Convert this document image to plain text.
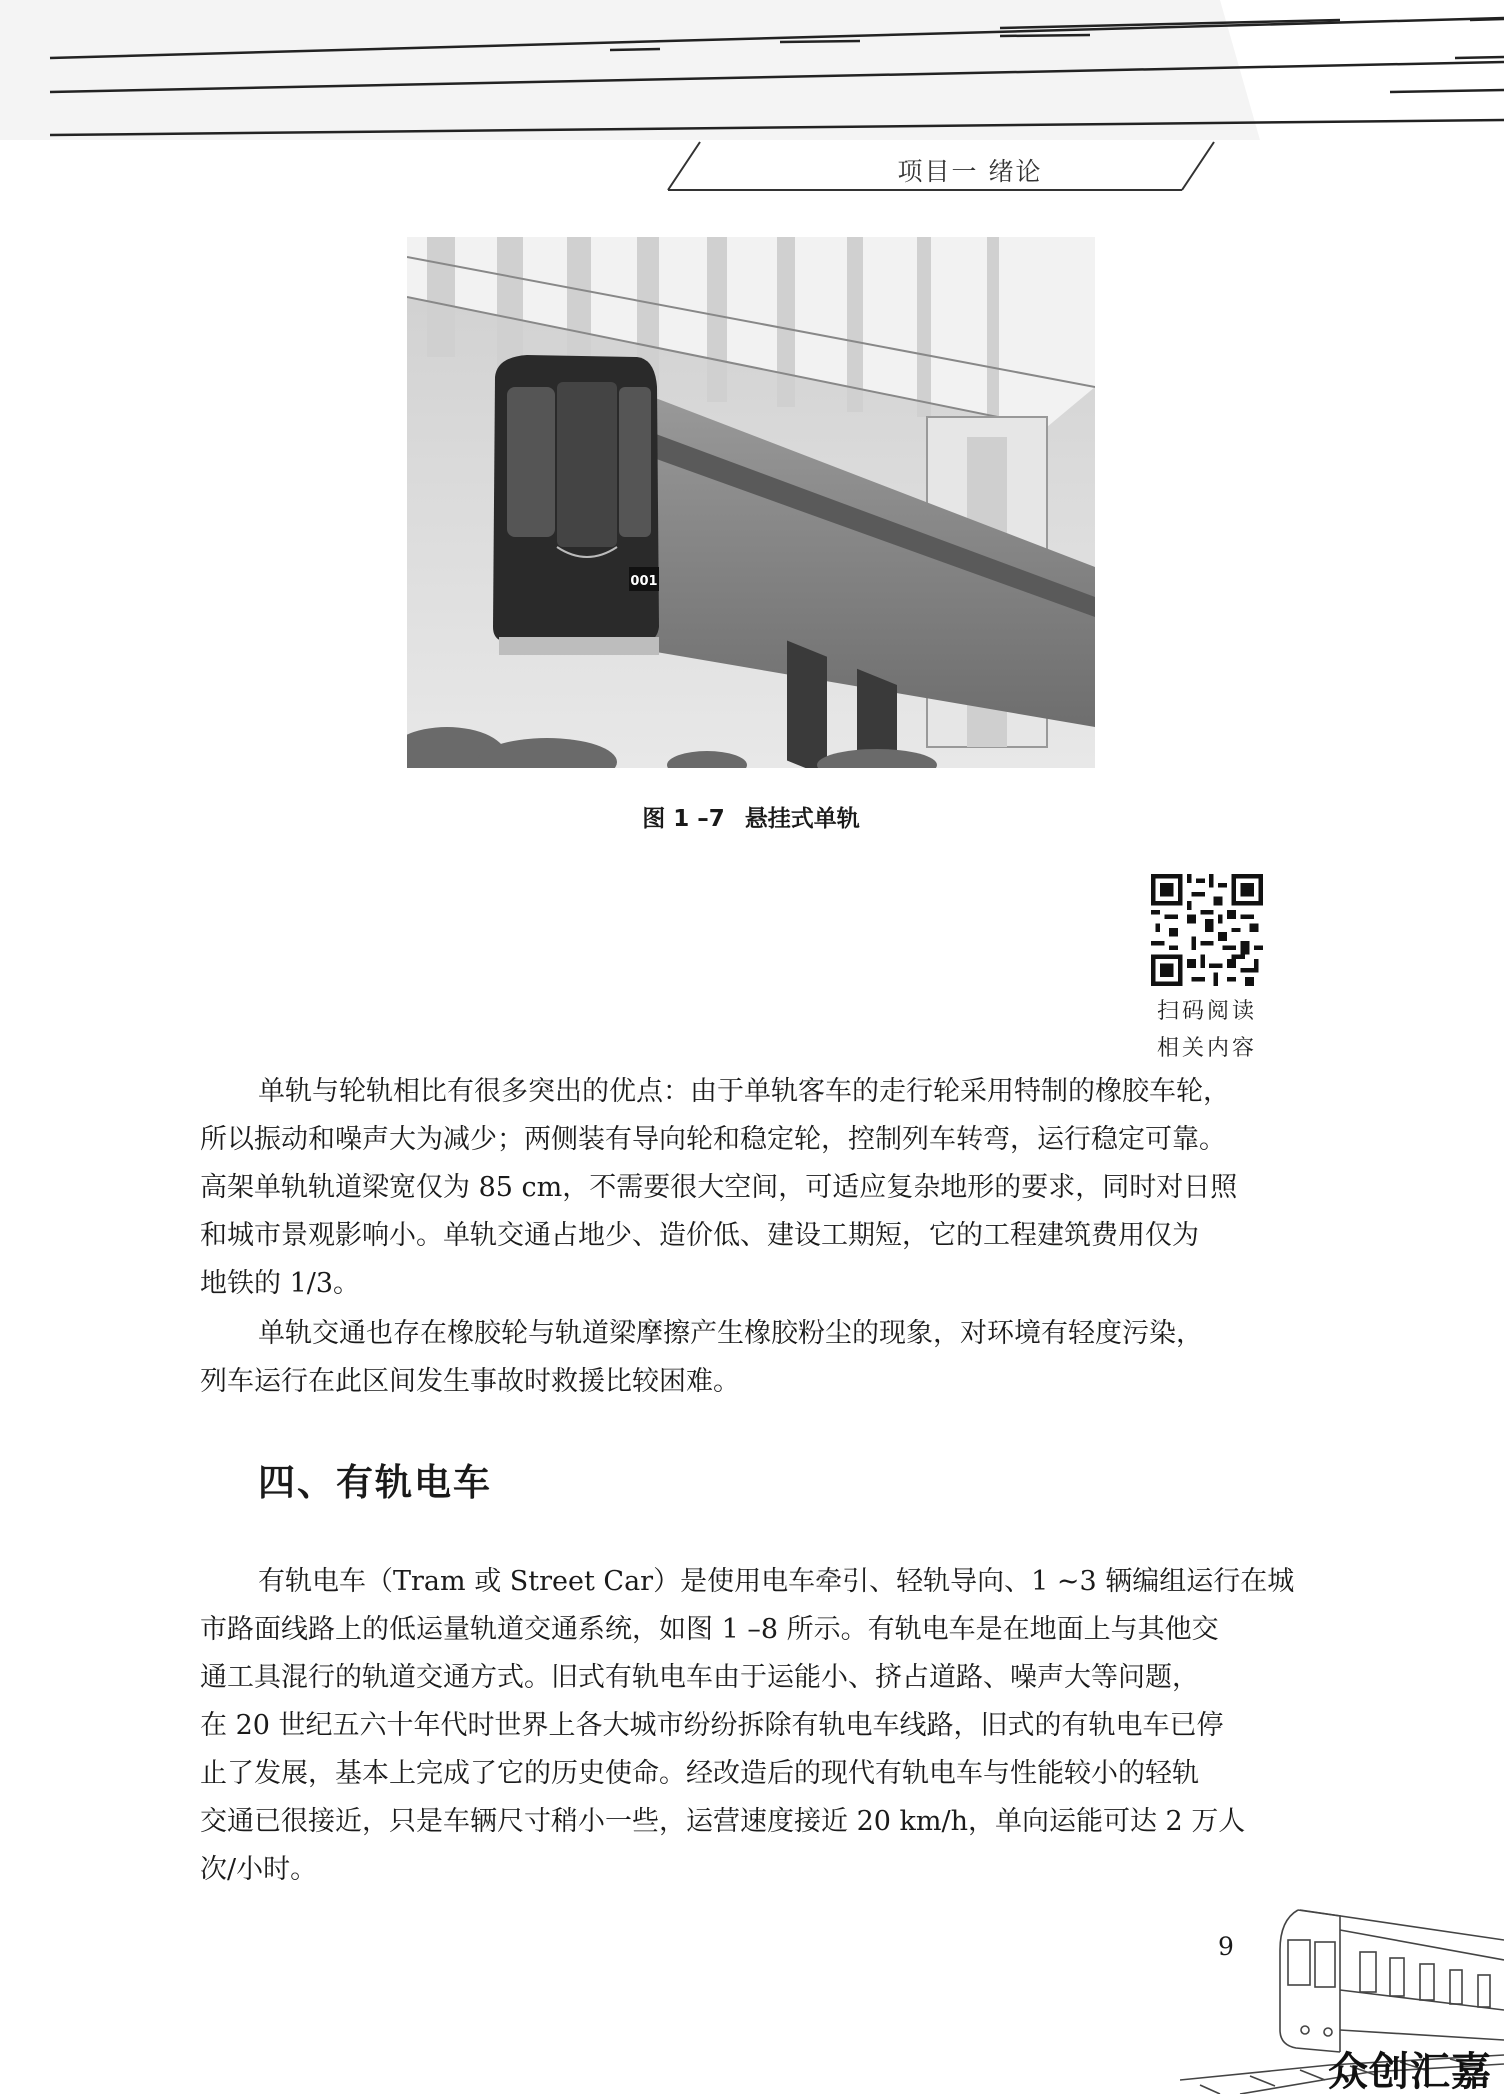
项目一 绪论
001
图 1 –7 悬挂式单轨
扫码阅读
相关内容

单轨与轮轨相比有很多突出的优点：由于单轨客车的走行轮采用特制的橡胶车轮，
所以振动和噪声大为减少；两侧装有导向轮和稳定轮，控制列车转弯，运行稳定可靠。
高架单轨轨道梁宽仅为 85 cm，不需要很大空间，可适应复杂地形的要求，同时对日照
和城市景观影响小。单轨交通占地少、造价低、建设工期短，它的工程建筑费用仅为
地铁的 1/3。

单轨交通也存在橡胶轮与轨道梁摩擦产生橡胶粉尘的现象，对环境有轻度污染，
列车运行在此区间发生事故时救援比较困难。

四、有轨电车

有轨电车（Tram 或 Street Car）是使用电车牵引、轻轨导向、1 ~3 辆编组运行在城
市路面线路上的低运量轨道交通系统，如图 1 –8 所示。有轨电车是在地面上与其他交
通工具混行的轨道交通方式。旧式有轨电车由于运能小、挤占道路、噪声大等问题，
在 20 世纪五六十年代时世界上各大城市纷纷拆除有轨电车线路，旧式的有轨电车已停
止了发展，基本上完成了它的历史使命。经改造后的现代有轨电车与性能较小的轻轨
交通已很接近，只是车辆尺寸稍小一些，运营速度接近 20 km/h，单向运能可达 2 万人
次/小时。

9
众创汇嘉
